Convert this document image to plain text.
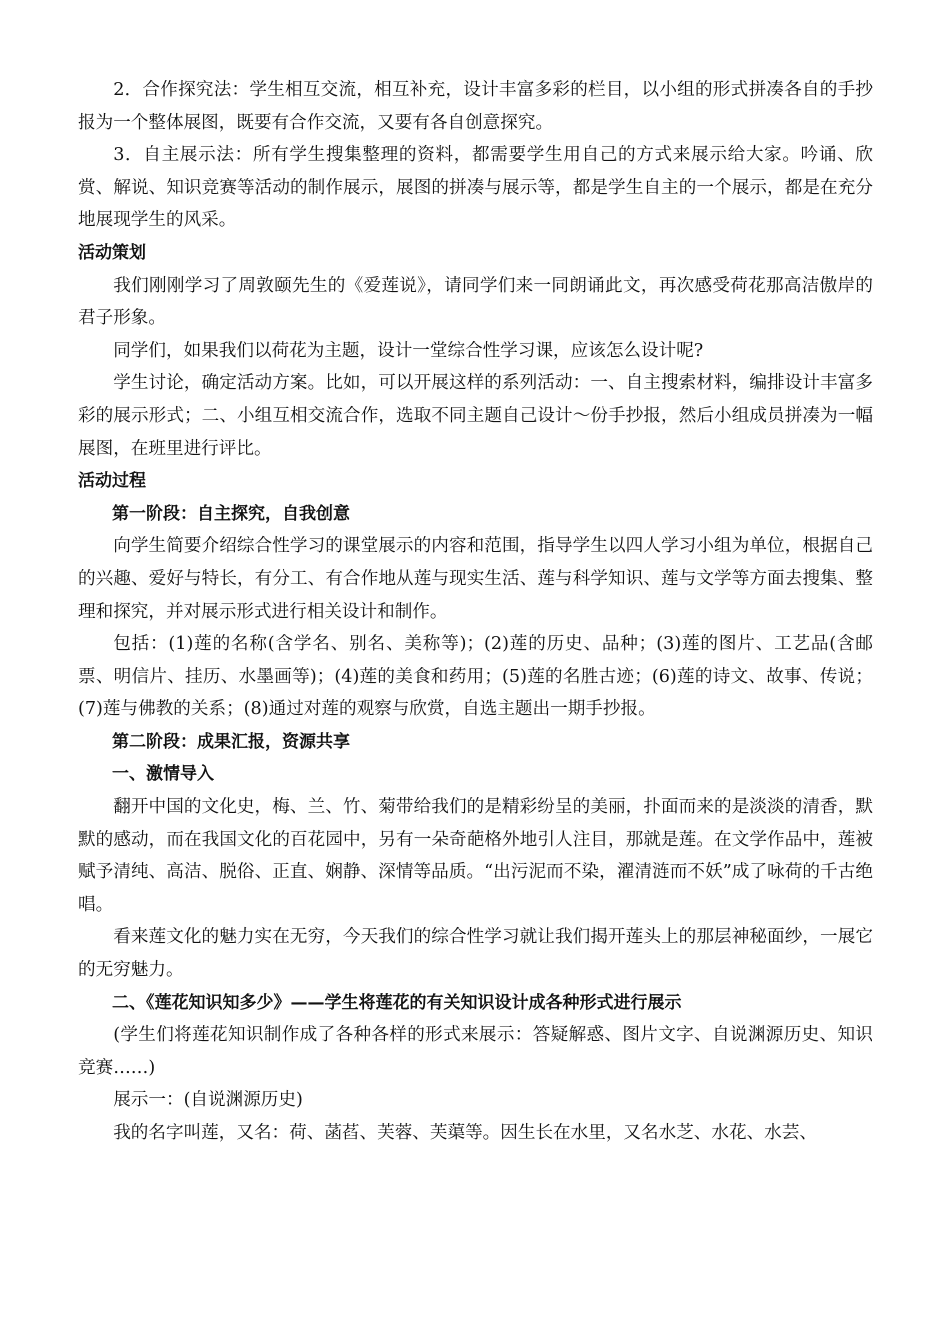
2．合作探究法：学生相互交流，相互补充，设计丰富多彩的栏目，以小组的形式拼凑各自的手抄报为一个整体展图，既要有合作交流，又要有各自创意探究。

3．自主展示法：所有学生搜集整理的资料，都需要学生用自己的方式来展示给大家。吟诵、欣赏、解说、知识竞赛等活动的制作展示，展图的拼凑与展示等，都是学生自主的一个展示，都是在充分地展现学生的风采。

活动策划

我们刚刚学习了周敦颐先生的《爱莲说》，请同学们来一同朗诵此文，再次感受荷花那高洁傲岸的君子形象。

同学们，如果我们以荷花为主题，设计一堂综合性学习课，应该怎么设计呢?

学生讨论，确定活动方案。比如，可以开展这样的系列活动：一、自主搜索材料，编排设计丰富多彩的展示形式；二、小组互相交流合作，选取不同主题自己设计～份手抄报，然后小组成员拼凑为一幅展图，在班里进行评比。

活动过程

第一阶段：自主探究，自我创意

向学生简要介绍综合性学习的课堂展示的内容和范围，指导学生以四人学习小组为单位，根据自己的兴趣、爱好与特长，有分工、有合作地从莲与现实生活、莲与科学知识、莲与文学等方面去搜集、整理和探究，并对展示形式进行相关设计和制作。

包括：(1)莲的名称(含学名、别名、美称等)；(2)莲的历史、品种；(3)莲的图片、工艺品(含邮票、明信片、挂历、水墨画等)；(4)莲的美食和药用；(5)莲的名胜古迹；(6)莲的诗文、故事、传说；(7)莲与佛教的关系；(8)通过对莲的观察与欣赏，自选主题出一期手抄报。

第二阶段：成果汇报，资源共享

一、激情导入

翻开中国的文化史，梅、兰、竹、菊带给我们的是精彩纷呈的美丽，扑面而来的是淡淡的清香，默默的感动，而在我国文化的百花园中，另有一朵奇葩格外地引人注目，那就是莲。在文学作品中，莲被赋予清纯、高洁、脱俗、正直、娴静、深情等品质。“出污泥而不染，濯清涟而不妖”成了咏荷的千古绝唱。

看来莲文化的魅力实在无穷，今天我们的综合性学习就让我们揭开莲头上的那层神秘面纱，一展它的无穷魅力。

二、《莲花知识知多少》——学生将莲花的有关知识设计成各种形式进行展示

(学生们将莲花知识制作成了各种各样的形式来展示：答疑解惑、图片文字、自说渊源历史、知识竞赛……)

展示一：(自说渊源历史)

我的名字叫莲，又名：荷、菡萏、芙蓉、芙蕖等。因生长在水里，又名水芝、水花、水芸、
